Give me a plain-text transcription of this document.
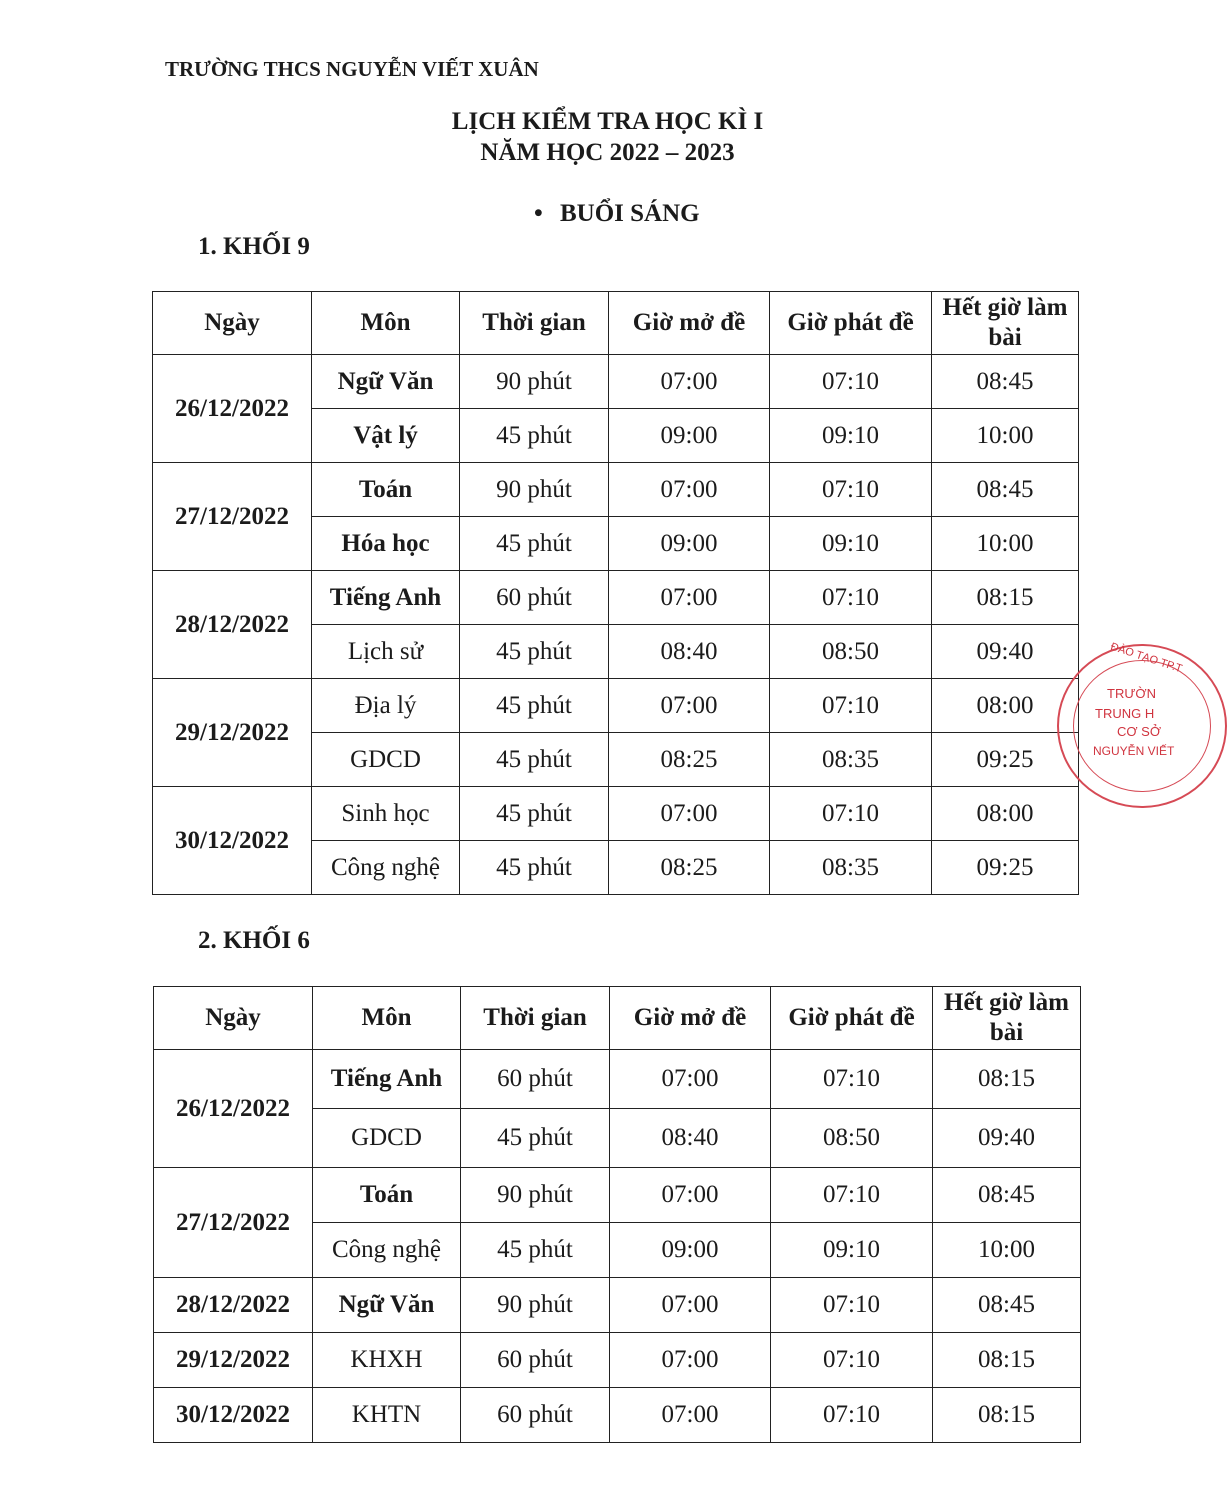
TRƯỜNG THCS NGUYỄN VIẾT XUÂN
LỊCH KIỂM TRA HỌC KÌ I
NĂM HỌC 2022 – 2023
• BUỔI SÁNG
1. KHỐI 9
Ngày	Môn	Thời gian	Giờ mở đề	Giờ phát đề	Hết giờ làm bài
26/12/2022	Ngữ Văn	90 phút	07:00	07:10	08:45
	Vật lý	45 phút	09:00	09:10	10:00
27/12/2022	Toán	90 phút	07:00	07:10	08:45
	Hóa học	45 phút	09:00	09:10	10:00
28/12/2022	Tiếng Anh	60 phút	07:00	07:10	08:15
	Lịch sử	45 phút	08:40	08:50	09:40
29/12/2022	Địa lý	45 phút	07:00	07:10	08:00
	GDCD	45 phút	08:25	08:35	09:25
30/12/2022	Sinh học	45 phút	07:00	07:10	08:00
	Công nghệ	45 phút	08:25	08:35	09:25
2. KHỐI 6
Ngày	Môn	Thời gian	Giờ mở đề	Giờ phát đề	Hết giờ làm bài
26/12/2022	Tiếng Anh	60 phút	07:00	07:10	08:15
	GDCD	45 phút	08:40	08:50	09:40
27/12/2022	Toán	90 phút	07:00	07:10	08:45
	Công nghệ	45 phút	09:00	09:10	10:00
28/12/2022	Ngữ Văn	90 phút	07:00	07:10	08:45
29/12/2022	KHXH	60 phút	07:00	07:10	08:15
30/12/2022	KHTN	60 phút	07:00	07:10	08:15
ĐÀO TẠO TP.T
TRƯỜN
TRUNG H
CƠ SỞ
NGUYỄN VIẾT
